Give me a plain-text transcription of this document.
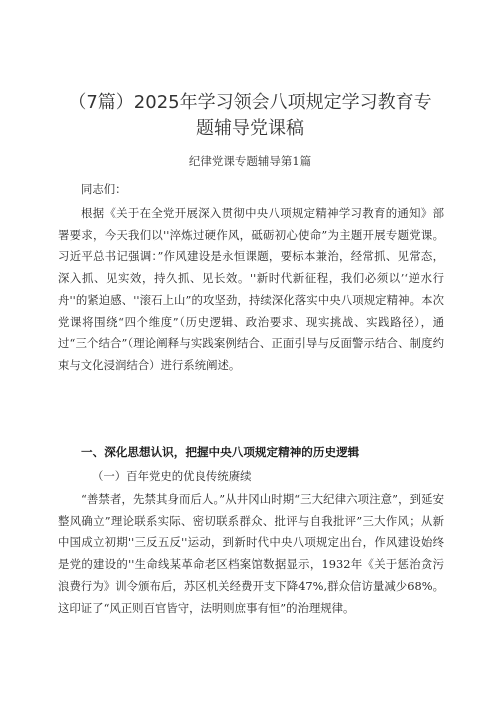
（7篇）2025年学习领会八项规定学习教育专题辅导党课稿

纪律党课专题辅导第1篇

同志们：

根据《关于在全党开展深入贯彻中央八项规定精神学习教育的通知》部署要求，今天我们以''淬炼过硬作风，砥砺初心使命”为主题开展专题党课。习近平总书记强调：”作风建设是永恒课题，要标本兼治，经常抓、见常态，深入抓、见实效，持久抓、见长效。''新时代新征程，我们必须以’‘逆水行舟''的紧迫感、''滚石上山”的攻坚劲，持续深化落实中央八项规定精神。本次党课将围绕“四个维度”（历史逻辑、政治要求、现实挑战、实践路径），通过“三个结合”（理论阐释与实践案例结合、正面引导与反面警示结合、制度约束与文化浸润结合）进行系统阐述。

一、深化思想认识，把握中央八项规定精神的历史逻辑

（一）百年党史的优良传统赓续

“善禁者，先禁其身而后人。”从井冈山时期“三大纪律六项注意”，到延安整风确立”理论联系实际、密切联系群众、批评与自我批评”三大作风；从新中国成立初期''三反五反''运动，到新时代中央八项规定出台，作风建设始终是党的建设的''生命线某革命老区档案馆数据显示，1932年《关于惩治贪污浪费行为》训令颁布后，苏区机关经费开支下降47%,群众信访量减少68%。这印证了“风正则百官皆守，法明则庶事有恒”的治理规律。
